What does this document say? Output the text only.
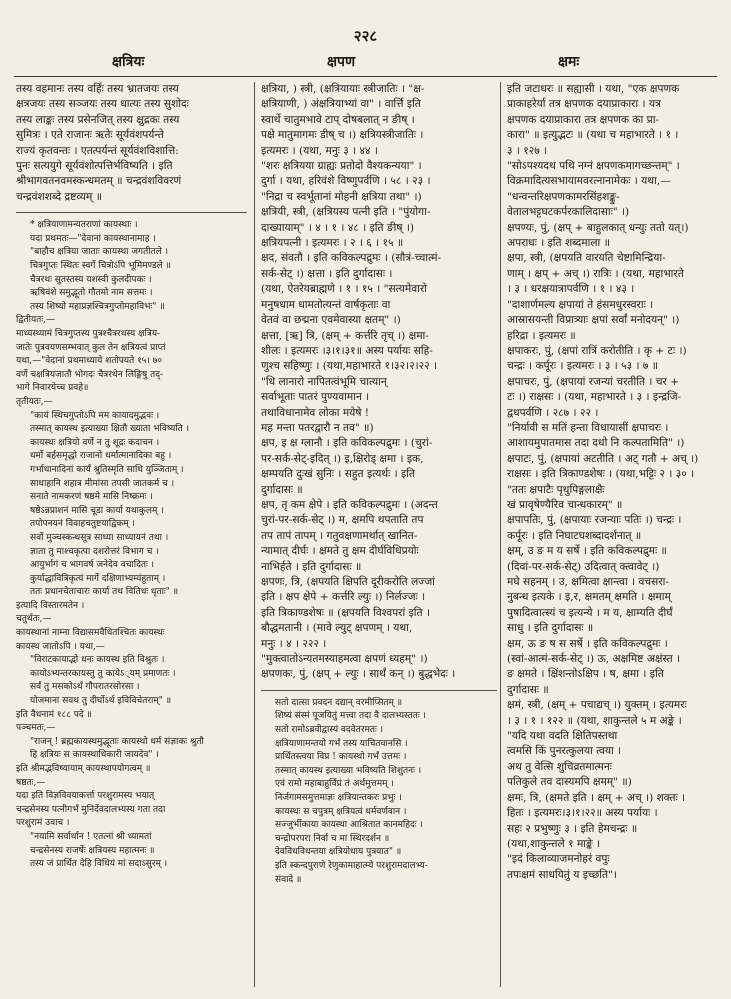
२२८
क्षत्रियः	क्षपण	क्षमः
तस्य वहमानः तस्य वर्हिः तस्य भ्रातजयः तस्य
क्षत्रजयः तस्य सञ्जयः तस्य धात्यः तस्य सुशोदः
तस्य लाङ्कः तस्य प्रसेनजित् तस्य क्षुद्रकः तस्य
सुमित्रः । एते राजानः ऋतेः सूर्यवंशपर्यन्ते
राज्यं कृतवन्तः । एतत्पर्यन्तं सूर्यवंशविशात्ति:
पुनः सत्ययुगे सूर्यवंशोत्पत्तिर्भविष्यति । इति
श्रीभागवतनवमस्कन्धमतम् ॥ चन्द्रवंशविवरणं
चन्द्रवंशशब्दे द्रष्टव्यम् ॥
* क्षत्रियाणामन्यतराणां कायस्थाः ।
यदा प्रथमतः—"देवानां कायस्थानामाह ।
"बाहौच क्षत्रिया जाताः कायस्था जगतीतले ।
चित्रगुप्तः स्थितः स्वर्गे चित्रोऽपि भूमिमण्डले ॥
चैत्ररथः सुतस्तस्य यशस्वी कुलदीपकः ।
ऋषिवंशे समुद्भूतो गौतमो नाम सत्तमः ।
तस्य शिष्यो महाप्रज्ञश्चित्रगुप्तोमहाविभः" ॥
द्वितीयतः,—
माध्यस्थ्यामं चित्रगुप्तस्य पुत्रश्चैत्ररथस्य क्षत्रिय-
जातेः पुत्रवयणसम्भवात् कुल तेन क्षत्रियत्वं प्राप्तं
यथा,—"वेदानां प्रथमाध्याये शतोपयते १५। ७०
वर्णे चक्षत्रियजातौ भोगदः चैत्ररथेन लिङ्गिषु तद्-
भागे निवारयेच्च प्रवहे॥
तृतीयतः,—
"कायं स्थिचगुप्तोऽपि मम कायादमुद्भवः ।
तस्मात् कायस्थ इत्याख्या क्षितौ ख्याता भविष्यति ।
कायस्थः क्षत्रियो वर्णे न तु शूद्रः कदाचन ।
धर्मो बर्हसमृद्धो राजानो धर्मात्मानादिका बहु ।
गर्भाधानादिनां कार्यं श्रुतिस्मृति साधि युञ्जिताम् ।
साधाहानि शहात्र मीमांसा तपसी जातकर्म च ।
सनाते नामकरणं षष्ठमे मासि निष्क्रमः ।
षष्ठेऽन्नप्राशनं मासि चूडा कार्या यथाकुलम् ।
तपोपनयनं विवाहचतुष्टयाद्विकम् ।
सर्वो मुञ्चस्कन्धसूत्र साध्या साध्यायनं तथा ।
ज्ञाता तु माश्चकृत्पा दशरोत्तरं विभाग च ।
आयुर्भागं च भागवर्ष जनेदेव वचादितः ।
कुर्याद्धावित्रिकृत्यं मार्गे दक्षिणाभ्यम्यंहुताम् ।
ततः प्रधानचेताचारः कार्या तथ वितिधः धृताः" ॥
इत्यादि विस्तारमतेन ।
चतुर्थतः,—
कायस्थानां नाम्ना विद्यासमवैधितश्चितः कायस्थः
कायस्थ जातोऽपि । यथा,—
"विराटकायाद्भो धनः कायस्थ इति विश्रुतः ।
कायोऽभ्यन्तरकायस्तु तु कायेऽ्यम् प्रमाणतः ।
सर्वं तु मसकोऽर्थं गौपरातरसोरसा ।
योजमाना सवथ तु दीर्घोऽर्थ इविविचेतराम्" ॥
इति वैधनामं १८८ पदे ॥
पञ्चमतः,—
"राजन् ! ब्रह्मकायस्थमुद्भूताः कायस्थो धर्म संज्ञाकः श्रुतौ
हि क्षत्रियः स कायस्थाधिकारी जायदेव" ।
इति श्रीमद्भविष्यायाम् कायस्थापयोगत्वम् ॥
षष्ठतः,—
यदा इति विज्ञविवयाकर्त्ता परशुरामस्य भयात्
चन्द्रसेनस्य पत्नीगर्भं मुनिर्देवदालभ्यस्य गता तदा
परशुरामं उवाच ।
"नयामि सर्वार्थान ! एतत्नां श्री ध्यामतां
चन्द्रसेनस्य राजर्षेः क्षत्रियस्य महात्मनः ॥
तस्य जं प्रार्थित देहि विधियं मां सदाऽसुरम् ।
क्षत्रिया, ) स्त्री, (क्षत्रियायाः स्त्रीजातिः । "क्ष-
क्षत्रियाणी, ) अंक्षत्रियाभ्यां वा" । वार्त्ति इति
स्वार्थे चातुमभावे टाप् दोषबलात् न ङीष् ।
पक्षे मातुमागमः डीष् च ।) क्षत्रियस्त्रीजातिः ।
इत्यमरः । (यथा, मनुः ३ । ४४ ।
"शरः क्षत्रियया ग्राह्यः प्रतोदो वैश्यकन्यया" ।
दुर्गा । यथा, हरिवंशे विष्णुपर्वणि । ५८ । २३ ।
"निद्रा च स्वर्भूतानां मोहनी क्षत्रिया तथा" ।)
क्षत्रियी, स्त्री, (क्षत्रियस्य पत्नी इति । "पुंयोगा-
दाख्यायाम्" । ४ । १ । ४८ । इति ङीष् ।)
क्षत्रियपत्नी । इत्यमरः । २ । ६ । १५ ॥
क्षद, संवतौ । इति कविकल्पद्रुमः । (सौत्रं-च्चात्मं-
सर्क-सेट् ।) क्षत्ता । इति दुर्गादासः ।
(यथा, ऐतरेयब्राह्मणे । १ । १५ । "सत्यमेवारो
मनुषधाम धामतोत्यन्तं वार्षकृताः वा
वेतवं वा छद्मना एवमेवास्या क्षतम्" ।)
क्षत्ता, [ऋ] त्रि, (क्षम् + कर्त्तरि तृच् ।) क्षमा-
शीलः । इत्यमरः ।३।१।३१॥ अस्य पर्यायः सहि-
णुश्च सहिष्णुः । (यथा,महाभारते १।३२।२।२२ ।
"धि लानारो नापितत्वंभूमि चात्यान्
सर्वाभूताः पातरं पुण्यवामान ।
तथाविधानामेव लोका मयेषे !
मह मन्ता पतरद्वारौ न तव" ॥)
क्षप, इ क्ष ग्लानौ । इति कविकल्पद्रुमः । (चुरां-
पर-सर्क-सेट्-इदित् ।) इ,क्षिरोड् क्षमा । इक,
क्षम्पयति दुःखं सुनिः । सहुत इत्यर्थः । इति
दुर्गादासः ॥
क्षप, तृ कम क्षेपे । इति कविकल्पद्रुमः । (अदन्त
चुरां-पर-सर्क-सेट् ।) म, क्षमपि थपताति तप
तप तापं तापम् । गतुवक्षणामर्थात् खानित-
न्यामात् दीर्घः । क्षमते तु क्षम दीर्घविधिप्रयोः
नाभिर्हते । इति दुर्गादासः ॥
क्षपणः, त्रि, (क्षपयति क्षिपति दूरीकरोति लज्जां
इति । क्षप क्षेपे + कर्त्तरि ल्युः ।) निर्लज्जः ।
इति त्रिकाण्डशेषः ॥ (क्षपयति विश्वपरां इति ।
बौद्धमतानी । (मावे ल्युट् क्षपणम् । यथा,
मनुः । ४ । २२२ ।
"मुक्त्वातोऽन्यतमस्याहमत्वा क्षपणं ध्यहम्" ।)
क्षपणकः, पुं, (क्षप् + ल्युः । सार्थं कन् ।) बुद्धभेदः ।
सतो दात्सा प्रवदन दद्यान् वरमीप्सितम् ॥
शिष्यं संस्मं पूजयितुं मत्त्वा तदा वै दालभ्यस्ततः ।
सतो रामोऽब्रवीद्वास्यं वदवेतरमतः ।
क्षत्रियाणामन्तयो गर्भं तस्य याचितवानसि ।
प्रार्थितस्त्वया विप्र ! कायस्थो गर्भं उत्तमः ।
तस्मात् कायस्थ इत्याख्या भविष्यति शिशुतनः ।
एवं रामो महाबाहुर्विप्रं तं अर्थमुत्तमम् ।
निर्जगामसमुत्तमाज्ञः क्षत्रियान्तकरः प्रभुः ।
कायस्थः स चपुत्रम् क्षत्रियत्वं धर्मवर्णवान ।
सज्जुर्भीकाया कायस्था आश्रितात कानमहिदः ।
चन्द्रोपरपरा निर्वा च मा स्थिरदर्शन ॥
देवविधविधन्तया क्षत्रियोधाय पुत्रयात" ॥
इति स्कन्दपुराणे रेणुकामाहात्म्ये परशुरामदालभ्य-
संवादे ॥
इति जटाधरः ॥ सह्यासी । यथा, "एक क्षपणक
प्राकाहरेर्या तत्र क्षपणक दयाप्राकारा । यत्र
क्षपणक दयाप्राकारा तत्र क्षपणक का प्रा-
कारा" ॥ इत्युद्भटः ॥ (यथा च महाभारते । १ ।
३ । १२७ ।
"सोऽपश्यदथ पथि नग्नं क्षपणकमागच्छन्तम्" ।
विक्रमादित्यसभायामवरत्नानामेकः । यथा,—
"धन्वन्तरिक्षपणकामरसिंहशङ्कु-
वेतालभट्टघटकर्परकालिदासाः" ।)
क्षपण्यः, पुं, (क्षप् + बाहुलकात् धन्युः ततो यत्।)
अपराधः । इति शब्दमाला ॥
क्षपा, स्त्री, (क्षपयति वारयति चेष्टामिन्द्रिया-
णाम् । क्षप् + अच् ।) रात्रिः । (यथा, महाभारते
। ३ । धरक्षयात्रापर्वणि । १ । ४३ ।
"दाशार्णमल्य क्षपायां ते हंसमधुरस्वराः ।
आस्रासयन्ती विप्रात्र्याः क्षपां सर्वां मनोदयन्" ।)
हरिद्रा । इत्यमरः ॥
क्षपाकरः, पुं, (क्षपां रात्रिं करोतीति । कृ + टः ।)
चन्द्रः । कर्पूरः । इत्यमरः । ३ । ५३ । ७ ॥
क्षपाचरः, पुं, (क्षपायां रजन्यां चरतीति । चर +
टः ।) राक्षसः । (यथा, महाभारते । ३ । इन्द्रजि-
द्वधपर्वणि । २८७ । २२ ।
"निर्यावी स मतिं हन्ता विधायासीं क्षपाचरः ।
आशायमुपातमास तदा दधो नि कल्पतामिति" ।)
क्षपाटः, पुं, (क्षपायां अटतीति । अट् गतौ + अच् ।)
राक्षसः । इति त्रिकाण्डशेषः । (यथा,भट्टिः २ । ३० ।
"ततः क्षपाटैः पृथुपिङ्गलाक्षैः
खं प्रावृषेण्यैरिव चान्धकारम्" ॥
क्षपापतिः, पुं, (क्षपायाः रजन्याः पतिः ।) चन्द्रः ।
कर्पूरः । इति निघाटघशब्दादर्शनात् ॥
क्षम्, उ ङ म य सर्षे । इति कविकल्पद्रुमः ॥
(दिवां-पर-सर्क-सेट्) उदित्वात् क्त्वावेट् ।)
मघे सहनम् । उ, क्षमित्वा क्षान्त्वा । वचसरा-
नुबन्ध इत्यके । इ,र, क्षमतम् क्षमति । क्षमाम्
पुषादित्वात्स्यं च इत्यन्ये । म य, क्षाम्यति दीर्घं
साधु । इति दुर्गादासः ॥
क्षम, ऊ ङ ष स सर्षे । इति कविकल्पद्रुमः ।
(स्वां-आत्मं-सर्क-सेट् ।) ऊ, अक्षमिष्ट अक्षंस्त ।
ङ क्षमते । क्षिंशन्तोऽक्षिप । ष, क्षमा । इति
दुर्गादासः ॥
क्षमं, स्त्री, (क्षम् + पचाद्यच् ।) युक्तम् । इत्यमरः
। ३ । १ । १२२ ॥ (यथा, शाकुन्तले ५ म अङ्के ।
"यदि यथा वदति क्षितिपस्तथा
त्वमसि किं पुनरत्कुलया त्वया ।
अथ तु वेत्सि शुचिव्रतमात्मनः
पतिकुले तव दास्यमपि क्षमम्" ॥)
क्षमः, त्रि, (क्षमते इति । क्षम् + अच् ।) शक्तः ।
हितः । इत्यमरः।३।१।२२॥ अस्य पर्यायः ।
सहः २ प्रभुष्णुः ३ । इति हेमचन्द्रः ॥
(यथा,शाकुन्तले १ माङ्के ।
"इदं किलाव्याजमनोहरं वपुः
तपःक्षमं साधयितुं य इच्छति"।
